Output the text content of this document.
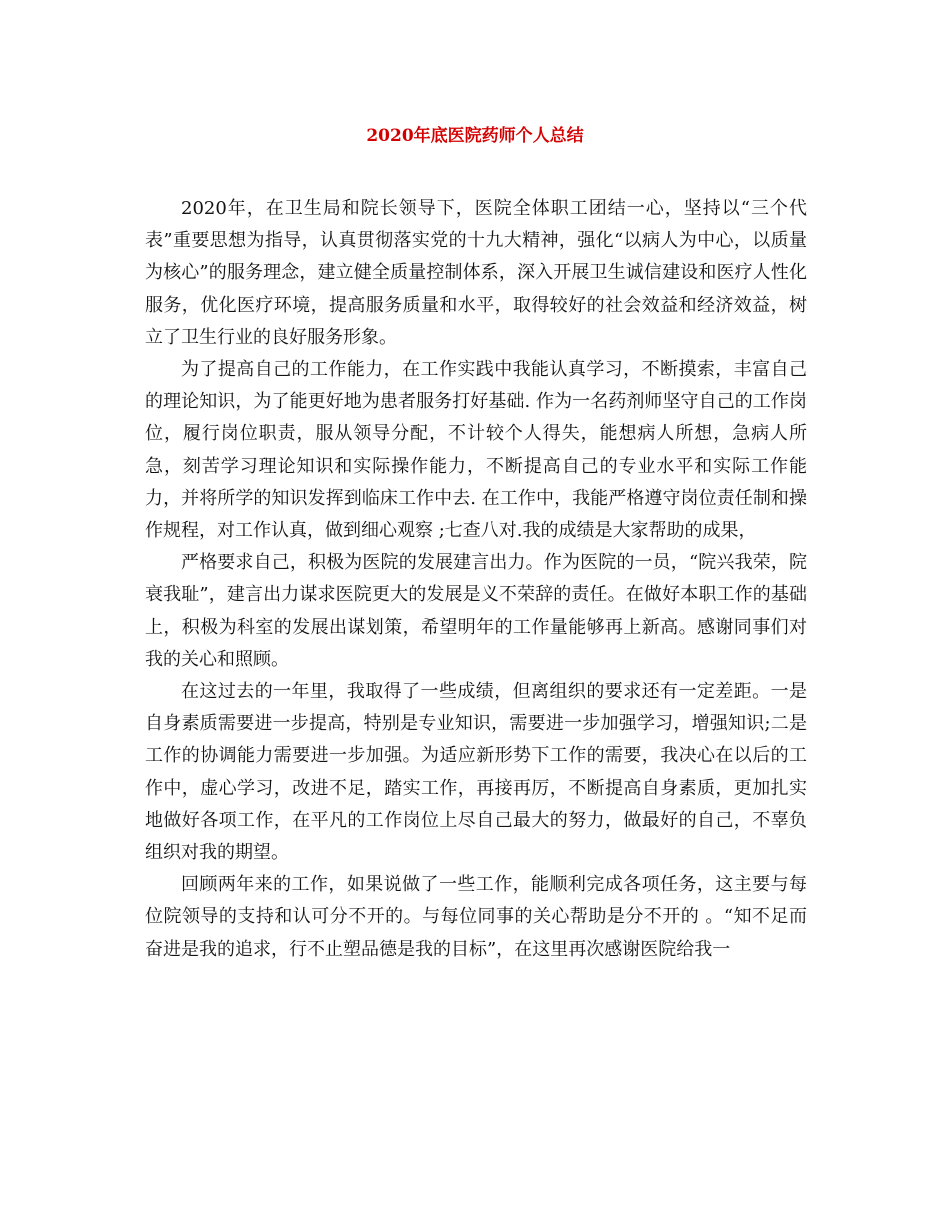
2020年底医院药师个人总结

2020年，在卫生局和院长领导下，医院全体职工团结一心，坚持以“三个代表”重要思想为指导，认真贯彻落实党的十九大精神，强化“以病人为中心，以质量为核心”的服务理念，建立健全质量控制体系，深入开展卫生诚信建设和医疗人性化服务，优化医疗环境，提高服务质量和水平，取得较好的社会效益和经济效益，树立了卫生行业的良好服务形象。

为了提高自己的工作能力，在工作实践中我能认真学习，不断摸索，丰富自己的理论知识，为了能更好地为患者服务打好基础. 作为一名药剂师坚守自己的工作岗位，履行岗位职责，服从领导分配，不计较个人得失，能想病人所想，急病人所急，刻苦学习理论知识和实际操作能力，不断提高自己的专业水平和实际工作能力，并将所学的知识发挥到临床工作中去. 在工作中，我能严格遵守岗位责任制和操作规程，对工作认真，做到细心观察 ;七查八对.我的成绩是大家帮助的成果，

严格要求自己，积极为医院的发展建言出力。作为医院的一员，“院兴我荣，院衰我耻”，建言出力谋求医院更大的发展是义不荣辞的责任。在做好本职工作的基础上，积极为科室的发展出谋划策，希望明年的工作量能够再上新高。感谢同事们对我的关心和照顾。

在这过去的一年里，我取得了一些成绩，但离组织的要求还有一定差距。一是自身素质需要进一步提高，特别是专业知识，需要进一步加强学习，增强知识;二是工作的协调能力需要进一步加强。为适应新形势下工作的需要，我决心在以后的工作中，虚心学习，改进不足，踏实工作，再接再厉，不断提高自身素质，更加扎实地做好各项工作，在平凡的工作岗位上尽自己最大的努力，做最好的自己，不辜负组织对我的期望。

回顾两年来的工作，如果说做了一些工作，能顺利完成各项任务，这主要与每位院领导的支持和认可分不开的。与每位同事的关心帮助是分不开的 。“知不足而奋进是我的追求，行不止塑品德是我的目标”，在这里再次感谢医院给我一
